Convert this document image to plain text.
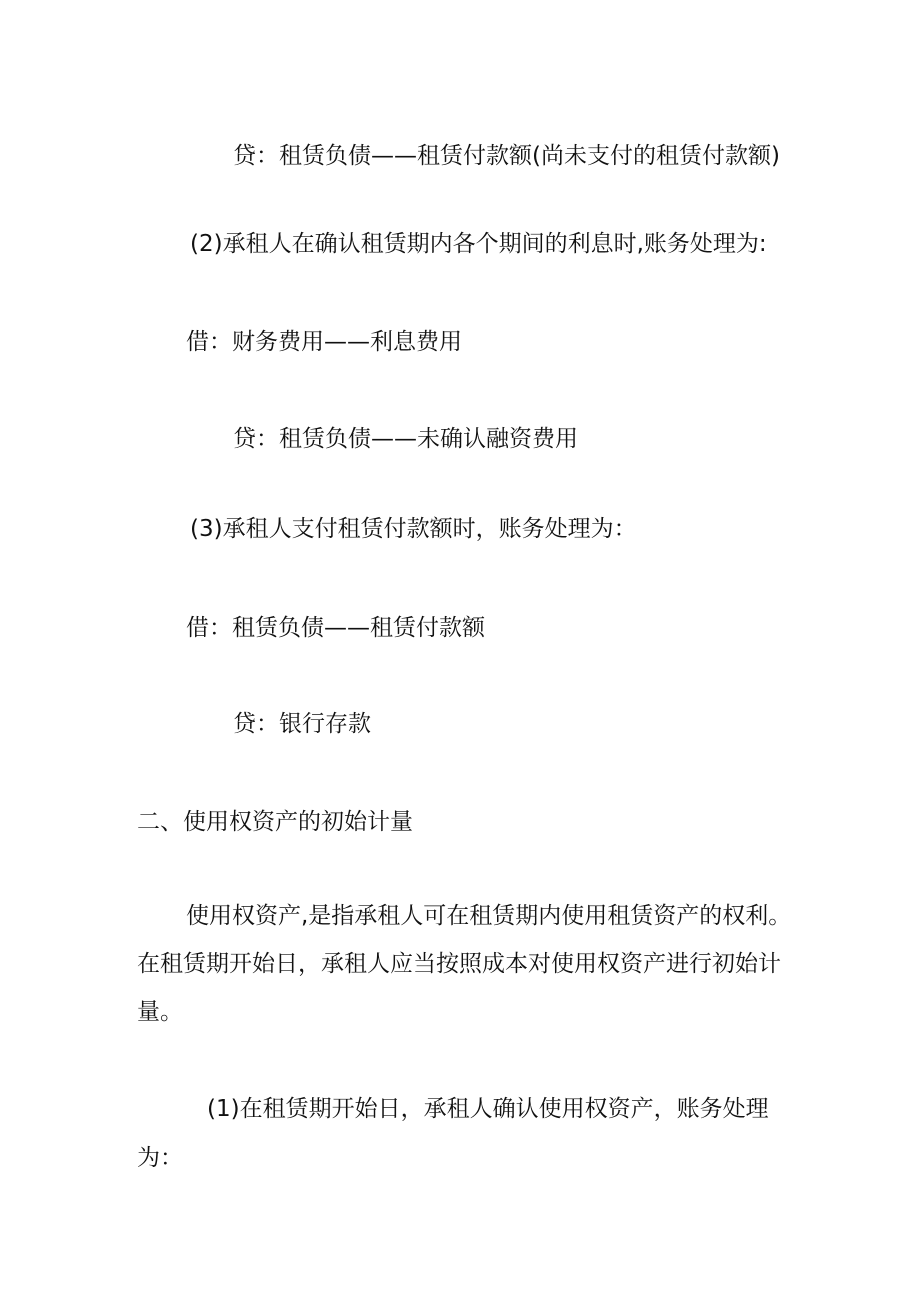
贷：租赁负债——租赁付款额(尚未支付的租赁付款额)
(2)承租人在确认租赁期内各个期间的利息时,账务处理为:
借：财务费用——利息费用
贷：租赁负债——未确认融资费用
(3)承租人支付租赁付款额时，账务处理为：
借：租赁负债——租赁付款额
贷：银行存款
二、使用权资产的初始计量
使用权资产,是指承租人可在租赁期内使用租赁资产的权利。
在租赁期开始日，承租人应当按照成本对使用权资产进行初始计
量。
(1)在租赁期开始日，承租人确认使用权资产，账务处理
为：
